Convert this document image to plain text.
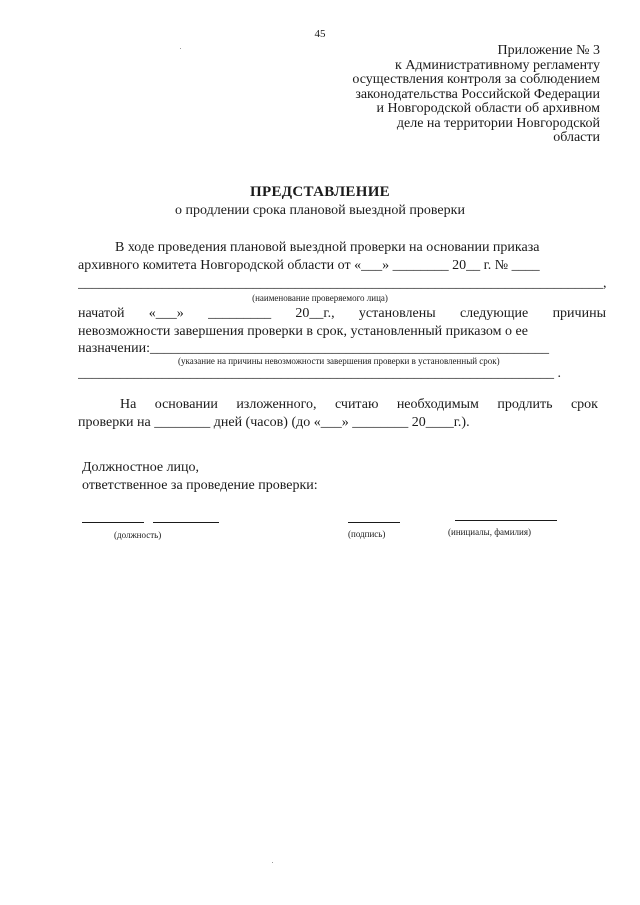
45
Приложение № 3
к Административному регламенту
осуществления контроля за соблюдением
законодательства Российской Федерации
и Новгородской области об архивном
деле на территории Новгородской
области
ПРЕДСТАВЛЕНИЕ
о продлении срока плановой выездной проверки
В ходе проведения плановой выездной проверки на основании приказа
архивного комитета Новгородской области от «___» ________ 20__ г. № ____
___________________________________________________________________________,
(наименование проверяемого лица)
начатой «___» _________ 20__г., установлены следующие причины
невозможности завершения проверки в срок, установленный приказом о ее
назначении:_________________________________________________________
(указание на причины невозможности завершения проверки в установленный срок)
____________________________________________________________________ .
На основании изложенного, считаю необходимым продлить срок
проверки на ________ дней (часов) (до «___» ________ 20____г.).
Должностное лицо,
ответственное за проведение проверки:
(должность)	(подпись)	(инициалы, фамилия)
